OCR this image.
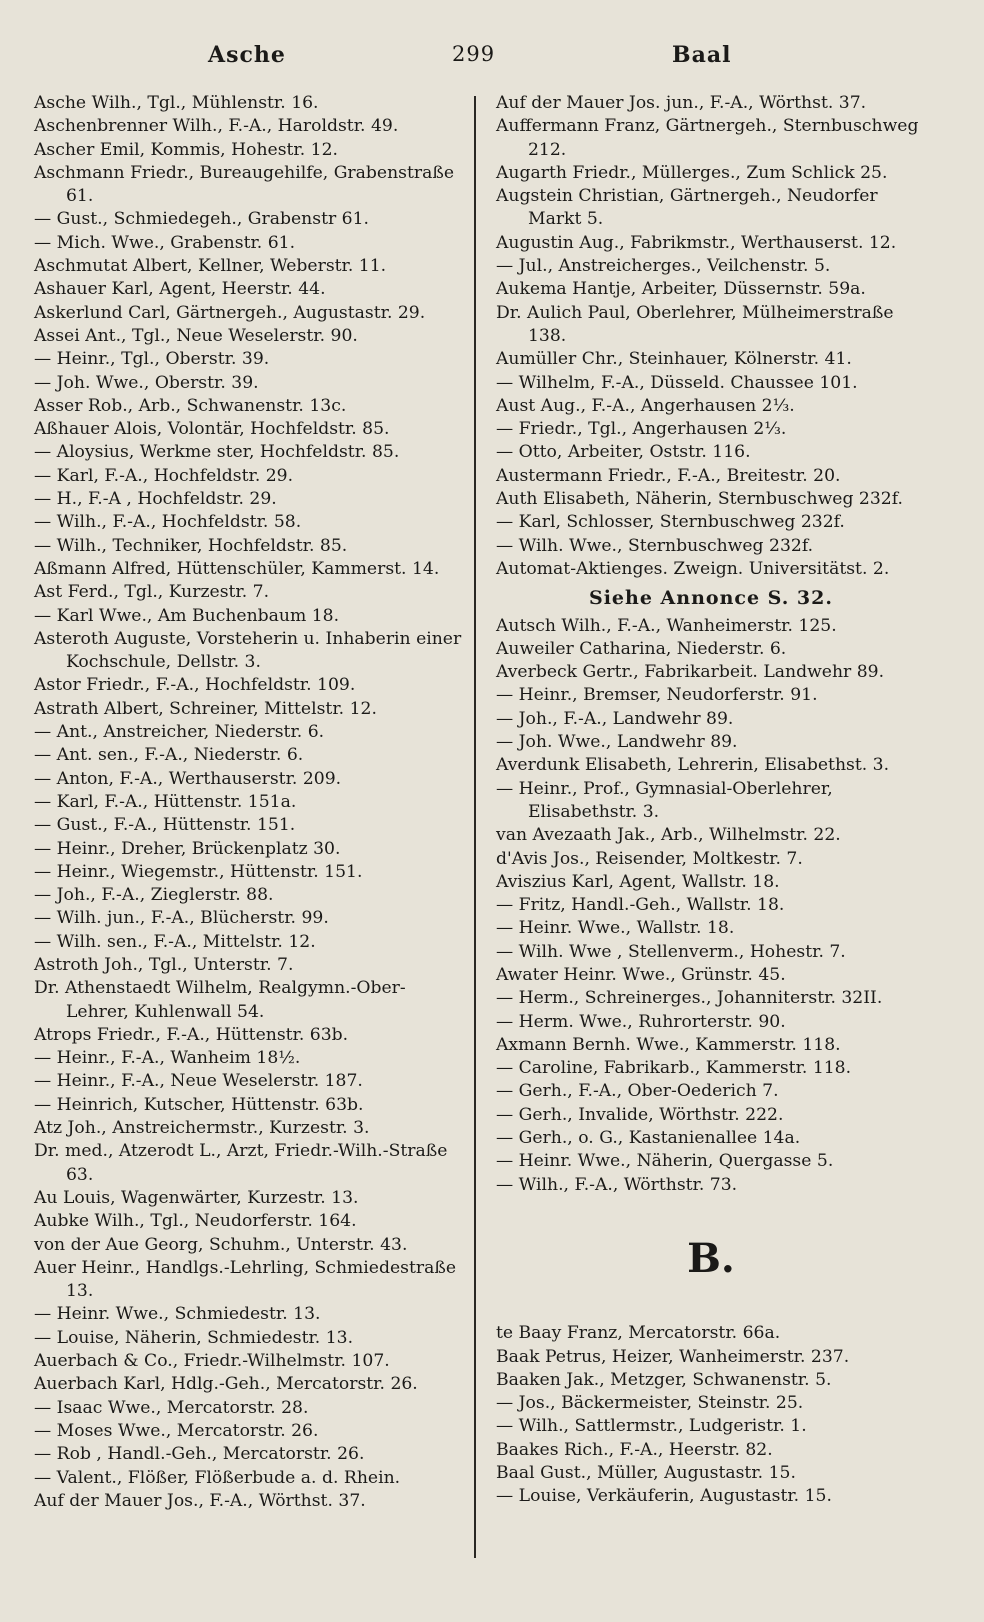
Asche	299	Baal
Asche Wilh., Tgl., Mühlenstr. 16.
Aschenbrenner Wilh., F.-A., Haroldstr. 49.
Ascher Emil, Kommis, Hohestr. 12.
Aschmann Friedr., Bureaugehilfe, Grabenstraße 61.
— Gust., Schmiedegeh., Grabenstr 61.
— Mich. Wwe., Grabenstr. 61.
Aschmutat Albert, Kellner, Weberstr. 11.
Ashauer Karl, Agent, Heerstr. 44.
Askerlund Carl, Gärtnergeh., Augustastr. 29.
Assei Ant., Tgl., Neue Weselerstr. 90.
— Heinr., Tgl., Oberstr. 39.
— Joh. Wwe., Oberstr. 39.
Asser Rob., Arb., Schwanenstr. 13c.
Aßhauer Alois, Volontär, Hochfeldstr. 85.
— Aloysius, Werkme ster, Hochfeldstr. 85.
— Karl, F.-A., Hochfeldstr. 29.
— H., F.-A , Hochfeldstr. 29.
— Wilh., F.-A., Hochfeldstr. 58.
— Wilh., Techniker, Hochfeldstr. 85.
Aßmann Alfred, Hüttenschüler, Kammerst. 14.
Ast Ferd., Tgl., Kurzestr. 7.
— Karl Wwe., Am Buchenbaum 18.
Asteroth Auguste, Vorsteherin u. Inhaberin einer Kochschule, Dellstr. 3.
Astor Friedr., F.-A., Hochfeldstr. 109.
Astrath Albert, Schreiner, Mittelstr. 12.
— Ant., Anstreicher, Niederstr. 6.
— Ant. sen., F.-A., Niederstr. 6.
— Anton, F.-A., Werthauserstr. 209.
— Karl, F.-A., Hüttenstr. 151a.
— Gust., F.-A., Hüttenstr. 151.
— Heinr., Dreher, Brückenplatz 30.
— Heinr., Wiegemstr., Hüttenstr. 151.
— Joh., F.-A., Zieglerstr. 88.
— Wilh. jun., F.-A., Blücherstr. 99.
— Wilh. sen., F.-A., Mittelstr. 12.
Astroth Joh., Tgl., Unterstr. 7.
Dr. Athenstaedt Wilhelm, Realgymn.-Ober-Lehrer, Kuhlenwall 54.
Atrops Friedr., F.-A., Hüttenstr. 63b.
— Heinr., F.-A., Wanheim 18½.
— Heinr., F.-A., Neue Weselerstr. 187.
— Heinrich, Kutscher, Hüttenstr. 63b.
Atz Joh., Anstreichermstr., Kurzestr. 3.
Dr. med., Atzerodt L., Arzt, Friedr.-Wilh.-Straße 63.
Au Louis, Wagenwärter, Kurzestr. 13.
Aubke Wilh., Tgl., Neudorferstr. 164.
von der Aue Georg, Schuhm., Unterstr. 43.
Auer Heinr., Handlgs.-Lehrling, Schmiedestraße 13.
— Heinr. Wwe., Schmiedestr. 13.
— Louise, Näherin, Schmiedestr. 13.
Auerbach & Co., Friedr.-Wilhelmstr. 107.
Auerbach Karl, Hdlg.-Geh., Mercatorstr. 26.
— Isaac Wwe., Mercatorstr. 28.
— Moses Wwe., Mercatorstr. 26.
— Rob , Handl.-Geh., Mercatorstr. 26.
— Valent., Flößer, Flößerbude a. d. Rhein.
Auf der Mauer Jos., F.-A., Wörthst. 37.
Auf der Mauer Jos. jun., F.-A., Wörthst. 37.
Auffermann Franz, Gärtnergeh., Sternbuschweg 212.
Augarth Friedr., Müllerges., Zum Schlick 25.
Augstein Christian, Gärtnergeh., Neudorfer Markt 5.
Augustin Aug., Fabrikmstr., Werthauserst. 12.
— Jul., Anstreicherges., Veilchenstr. 5.
Aukema Hantje, Arbeiter, Düssernstr. 59a.
Dr. Aulich Paul, Oberlehrer, Mülheimerstraße 138.
Aumüller Chr., Steinhauer, Kölnerstr. 41.
— Wilhelm, F.-A., Düsseld. Chaussee 101.
Aust Aug., F.-A., Angerhausen 2⅓.
— Friedr., Tgl., Angerhausen 2⅓.
— Otto, Arbeiter, Oststr. 116.
Austermann Friedr., F.-A., Breitestr. 20.
Auth Elisabeth, Näherin, Sternbuschweg 232f.
— Karl, Schlosser, Sternbuschweg 232f.
— Wilh. Wwe., Sternbuschweg 232f.
Automat-Aktienges. Zweign. Universitätst. 2.
Siehe Annonce S. 32.
Autsch Wilh., F.-A., Wanheimerstr. 125.
Auweiler Catharina, Niederstr. 6.
Averbeck Gertr., Fabrikarbeit. Landwehr 89.
— Heinr., Bremser, Neudorferstr. 91.
— Joh., F.-A., Landwehr 89.
— Joh. Wwe., Landwehr 89.
Averdunk Elisabeth, Lehrerin, Elisabethst. 3.
— Heinr., Prof., Gymnasial-Oberlehrer, Elisabethstr. 3.
van Avezaath Jak., Arb., Wilhelmstr. 22.
d'Avis Jos., Reisender, Moltkestr. 7.
Aviszius Karl, Agent, Wallstr. 18.
— Fritz, Handl.-Geh., Wallstr. 18.
— Heinr. Wwe., Wallstr. 18.
— Wilh. Wwe , Stellenverm., Hohestr. 7.
Awater Heinr. Wwe., Grünstr. 45.
— Herm., Schreinerges., Johanniterstr. 32II.
— Herm. Wwe., Ruhrorterstr. 90.
Axmann Bernh. Wwe., Kammerstr. 118.
— Caroline, Fabrikarb., Kammerstr. 118.
— Gerh., F.-A., Ober-Oederich 7.
— Gerh., Invalide, Wörthstr. 222.
— Gerh., o. G., Kastanienallee 14a.
— Heinr. Wwe., Näherin, Quergasse 5.
— Wilh., F.-A., Wörthstr. 73.
B.
te Baay Franz, Mercatorstr. 66a.
Baak Petrus, Heizer, Wanheimerstr. 237.
Baaken Jak., Metzger, Schwanenstr. 5.
— Jos., Bäckermeister, Steinstr. 25.
— Wilh., Sattlermstr., Ludgeristr. 1.
Baakes Rich., F.-A., Heerstr. 82.
Baal Gust., Müller, Augustastr. 15.
— Louise, Verkäuferin, Augustastr. 15.
